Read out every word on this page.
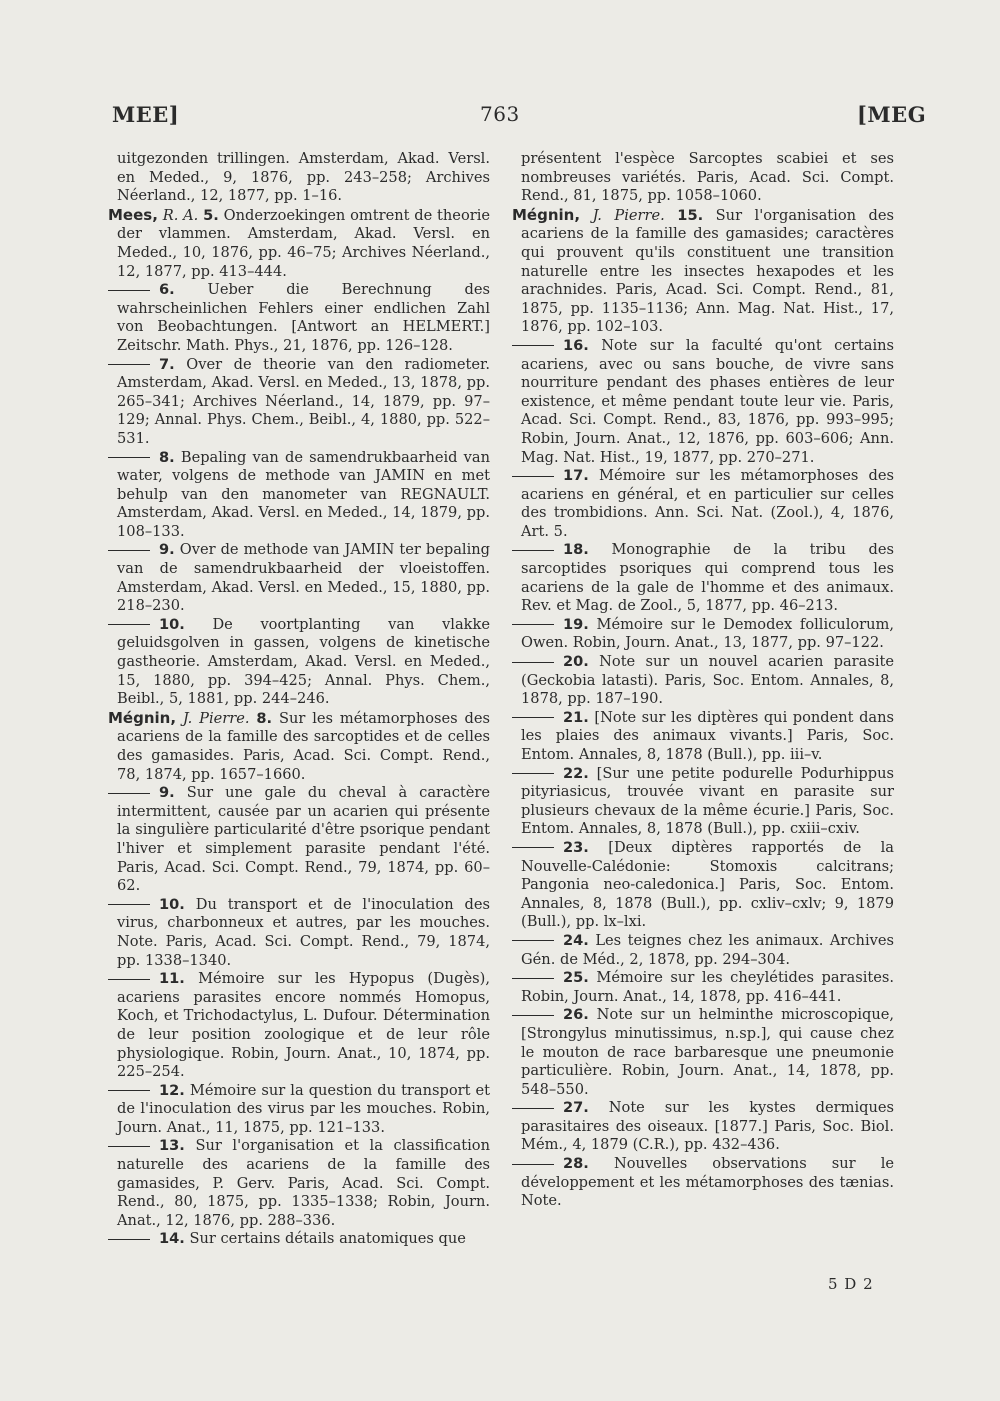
MEE]	763	[MEG

uitgezonden trillingen. Amsterdam, Akad. Versl. en Meded., 9, 1876, pp. 243–258; Archives Néerland., 12, 1877, pp. 1–16.

Mees, R. A. 5. Onderzoekingen omtrent de theorie der vlammen. Amsterdam, Akad. Versl. en Meded., 10, 1876, pp. 46–75; Archives Néerland., 12, 1877, pp. 413–444.

6. Ueber die Berechnung des wahrscheinlichen Fehlers einer endlichen Zahl von Beobachtungen. [Antwort an HELMERT.] Zeitschr. Math. Phys., 21, 1876, pp. 126–128.

7. Over de theorie van den radiometer. Amsterdam, Akad. Versl. en Meded., 13, 1878, pp. 265–341; Archives Néerland., 14, 1879, pp. 97–129; Annal. Phys. Chem., Beibl., 4, 1880, pp. 522–531.

8. Bepaling van de samendrukbaarheid van water, volgens de methode van JAMIN en met behulp van den manometer van REGNAULT. Amsterdam, Akad. Versl. en Meded., 14, 1879, pp. 108–133.

9. Over de methode van JAMIN ter bepaling van de samendrukbaarheid der vloeistoffen. Amsterdam, Akad. Versl. en Meded., 15, 1880, pp. 218–230.

10. De voortplanting van vlakke geluidsgolven in gassen, volgens de kinetische gastheorie. Amsterdam, Akad. Versl. en Meded., 15, 1880, pp. 394–425; Annal. Phys. Chem., Beibl., 5, 1881, pp. 244–246.

Mégnin, J. Pierre. 8. Sur les métamorphoses des acariens de la famille des sarcoptides et de celles des gamasides. Paris, Acad. Sci. Compt. Rend., 78, 1874, pp. 1657–1660.

9. Sur une gale du cheval à caractère intermittent, causée par un acarien qui présente la singulière particularité d'être psorique pendant l'hiver et simplement parasite pendant l'été. Paris, Acad. Sci. Compt. Rend., 79, 1874, pp. 60–62.

10. Du transport et de l'inoculation des virus, charbonneux et autres, par les mouches. Note. Paris, Acad. Sci. Compt. Rend., 79, 1874, pp. 1338–1340.

11. Mémoire sur les Hypopus (Dugès), acariens parasites encore nommés Homopus, Koch, et Trichodactylus, L. Dufour. Détermination de leur position zoologique et de leur rôle physiologique. Robin, Journ. Anat., 10, 1874, pp. 225–254.

12. Mémoire sur la question du transport et de l'inoculation des virus par les mouches. Robin, Journ. Anat., 11, 1875, pp. 121–133.

13. Sur l'organisation et la classification naturelle des acariens de la famille des gamasides, P. Gerv. Paris, Acad. Sci. Compt. Rend., 80, 1875, pp. 1335–1338; Robin, Journ. Anat., 12, 1876, pp. 288–336.

14. Sur certains détails anatomiques que

présentent l'espèce Sarcoptes scabiei et ses nombreuses variétés. Paris, Acad. Sci. Compt. Rend., 81, 1875, pp. 1058–1060.

Mégnin, J. Pierre. 15. Sur l'organisation des acariens de la famille des gamasides; caractères qui prouvent qu'ils constituent une transition naturelle entre les insectes hexapodes et les arachnides. Paris, Acad. Sci. Compt. Rend., 81, 1875, pp. 1135–1136; Ann. Mag. Nat. Hist., 17, 1876, pp. 102–103.

16. Note sur la faculté qu'ont certains acariens, avec ou sans bouche, de vivre sans nourriture pendant des phases entières de leur existence, et même pendant toute leur vie. Paris, Acad. Sci. Compt. Rend., 83, 1876, pp. 993–995; Robin, Journ. Anat., 12, 1876, pp. 603–606; Ann. Mag. Nat. Hist., 19, 1877, pp. 270–271.

17. Mémoire sur les métamorphoses des acariens en général, et en particulier sur celles des trombidions. Ann. Sci. Nat. (Zool.), 4, 1876, Art. 5.

18. Monographie de la tribu des sarcoptides psoriques qui comprend tous les acariens de la gale de l'homme et des animaux. Rev. et Mag. de Zool., 5, 1877, pp. 46–213.

19. Mémoire sur le Demodex folliculorum, Owen. Robin, Journ. Anat., 13, 1877, pp. 97–122.

20. Note sur un nouvel acarien parasite (Geckobia latasti). Paris, Soc. Entom. Annales, 8, 1878, pp. 187–190.

21. [Note sur les diptères qui pondent dans les plaies des animaux vivants.] Paris, Soc. Entom. Annales, 8, 1878 (Bull.), pp. iii–v.

22. [Sur une petite podurelle Podurhippus pityriasicus, trouvée vivant en parasite sur plusieurs chevaux de la même écurie.] Paris, Soc. Entom. Annales, 8, 1878 (Bull.), pp. cxiii–cxiv.

23. [Deux diptères rapportés de la Nouvelle-Calédonie: Stomoxis calcitrans; Pangonia neo-caledonica.] Paris, Soc. Entom. Annales, 8, 1878 (Bull.), pp. cxliv–cxlv; 9, 1879 (Bull.), pp. lx–lxi.

24. Les teignes chez les animaux. Archives Gén. de Méd., 2, 1878, pp. 294–304.

25. Mémoire sur les cheylétides parasites. Robin, Journ. Anat., 14, 1878, pp. 416–441.

26. Note sur un helminthe microscopique, [Strongylus minutissimus, n.sp.], qui cause chez le mouton de race barbaresque une pneumonie particulière. Robin, Journ. Anat., 14, 1878, pp. 548–550.

27. Note sur les kystes dermiques parasitaires des oiseaux. [1877.] Paris, Soc. Biol. Mém., 4, 1879 (C.R.), pp. 432–436.

28. Nouvelles observations sur le développement et les métamorphoses des tænias. Note.

5 D 2
